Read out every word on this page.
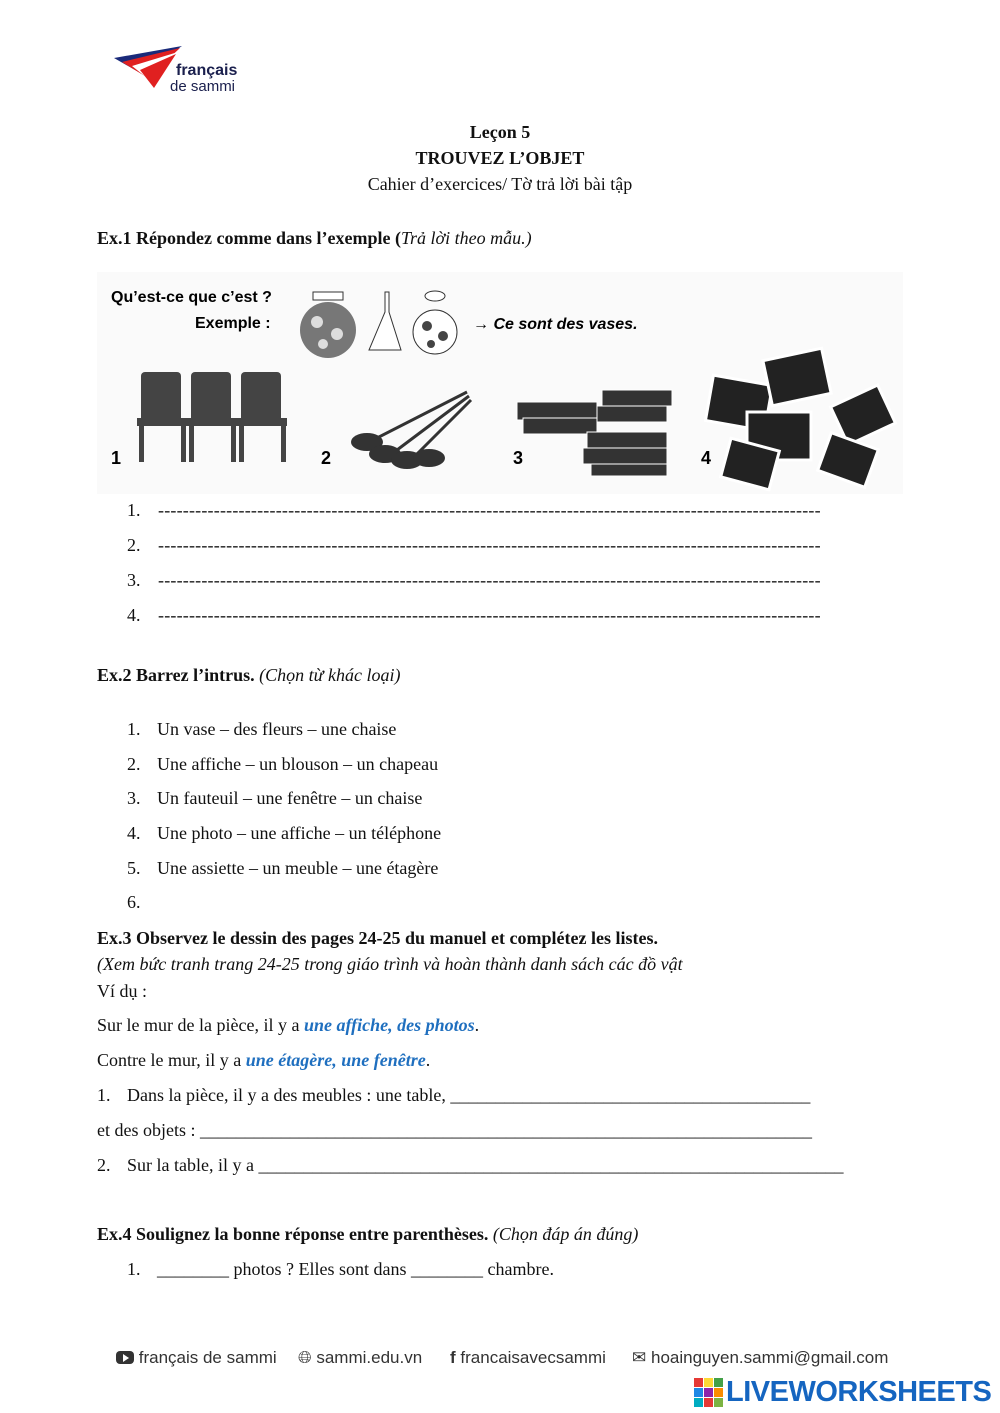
français
de sammi
Leçon 5
TROUVEZ L’OBJET
Cahier d’exercices/ Tờ trả lời bài tập
Ex.1 Répondez comme dans l’exemple (Trả lời theo mẫu.)
Qu’est-ce que c’est ?
Exemple :	→ Ce sont des vases.
1	2	3	4
1. -----------------------------------------------------------------------------------------------------------
2. -----------------------------------------------------------------------------------------------------------
3. -----------------------------------------------------------------------------------------------------------
4. -----------------------------------------------------------------------------------------------------------
Ex.2 Barrez l’intrus. (Chọn từ khác loại)
1. Un vase – des fleurs – une chaise
2. Une affiche – un blouson – un chapeau
3. Un fauteuil – une fenêtre – un chaise
4. Une photo – une affiche – un téléphone
5. Une assiette – un meuble – une étagère
6.
Ex.3 Observez le dessin des pages 24-25 du manuel et complétez les listes.
(Xem bức tranh trang 24-25 trong giáo trình và hoàn thành danh sách các đồ vật
Ví dụ :
Sur le mur de la pièce, il y a une affiche, des photos.
Contre le mur, il y a une étagère, une fenêtre.
1. Dans la pièce, il y a des meubles : une table, ________________________________________
et des objets : ____________________________________________________________________
2. Sur la table, il y a _________________________________________________________________
Ex.4 Soulignez la bonne réponse entre parenthèses. (Chọn đáp án đúng)
1. ________ photos ? Elles sont dans ________ chambre.
français de sammi 🌐︎ sammi.edu.vn f francaisavecsammi ✉ hoainguyen.sammi@gmail.com
LIVEWORKSHEETS
